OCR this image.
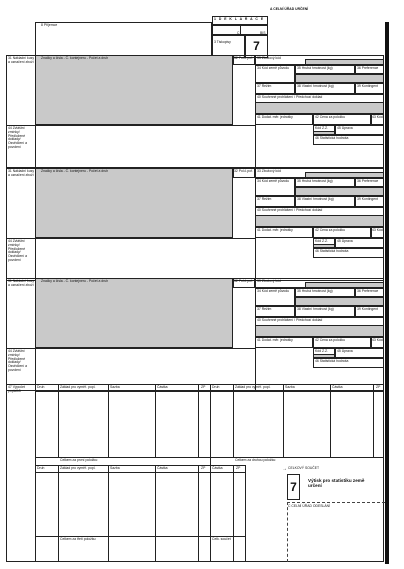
8 Příjemce
A CELNÍ ÚŘAD URČENÍ
1 D E K L A R A C E
C	BIS
3 Tiskopisy	7
31 Nákladní kusy a označení zboží
Značky a čísla - Č. kontejneru - Počet a druh	32 Pol.č.poř. 33 Zbožový kód
34 Kód země původu 35 Hrubá hmotnost (kg)	36 Preference
37 Režim	38 Vlastní hmotnost (kg)	39 Kontingent
40 Souhrnné prohlášení / Předchozí doklad
41 Dodat. měr. jednotky	42 Cena za položku	43 Kód
44 Zvláštní zmínky/ Předložené doklady/ Osvědčení a povolení
Kód Z.Z.	45 Úprava
46 Statistická hodnota
31 Nákladní kusy a označení zboží
Značky a čísla - Č. kontejneru - Počet a druh	32 Pol.č.poř. 33 Zbožový kód
34 Kód země původu 35 Hrubá hmotnost (kg)	36 Preference
37 Režim	38 Vlastní hmotnost (kg)	39 Kontingent
40 Souhrnné prohlášení / Předchozí doklad
41 Dodat. měr. jednotky	42 Cena za položku	43 Kód
44 Zvláštní zmínky/ Předložené doklady/ Osvědčení a povolení
Kód Z.Z.	45 Úprava
46 Statistická hodnota
31 Nákladní kusy a označení zboží
Značky a čísla - Č. kontejneru - Počet a druh	32 Pol.č.poř. 33 Zbožový kód
34 Kód země původu 35 Hrubá hmotnost (kg)	36 Preference
37 Režim	38 Vlastní hmotnost (kg)	39 Kontingent
40 Souhrnné prohlášení / Předchozí doklad
41 Dodat. měr. jednotky	42 Cena za položku	43 Kód
44 Zvláštní zmínky/ Předložené doklady/ Osvědčení a povolení
Kód Z.Z.	45 Úprava
46 Statistická hodnota
47 Výpočet poplatků
Druh	Základ pro vyměř. popl.	Sazba	Částka	ZP
Celkem za první položku:
Druh	Základ pro vyměř. popl.	Sazba	Částka	ZP
Celkem za druhou položku:
Druh	Základ pro vyměř. popl.	Sazba	Částka	ZP
Celkem za třetí položku:
Částka	ZP
Celk. součet
CELKOVÝ SOUČET
→
7	Výtisk pro statistiku země určení
C CELNÍ ÚŘAD ODESLÁNÍ
